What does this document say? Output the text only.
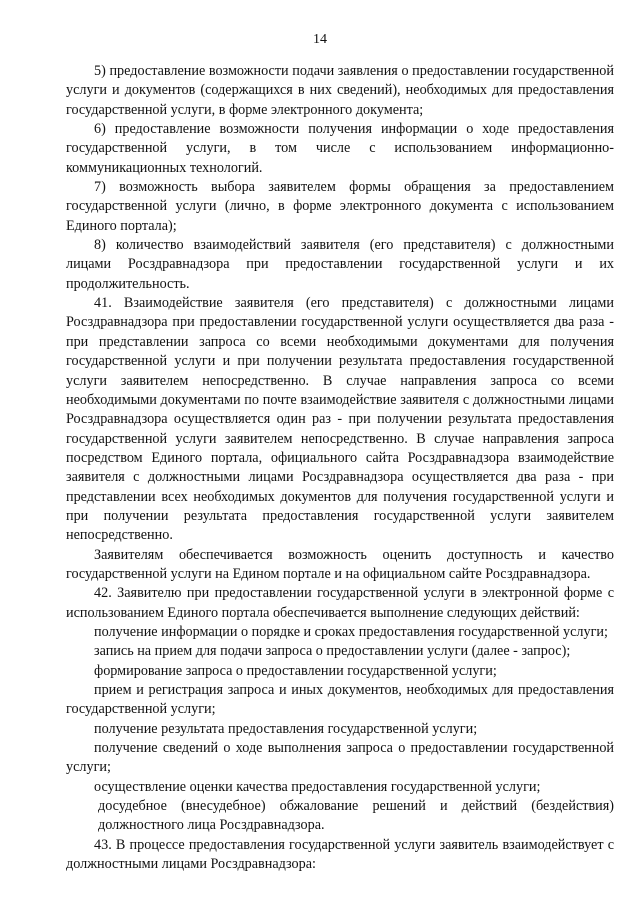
14

5) предоставление возможности подачи заявления о предоставлении государственной услуги и документов (содержащихся в них сведений), необходимых для предоставления государственной услуги, в форме электронного документа;

6) предоставление возможности получения информации о ходе предоставления государственной услуги, в том числе с использованием информационно-коммуникационных технологий.

7) возможность выбора заявителем формы обращения за предоставлением государственной услуги (лично, в форме электронного документа с использованием Единого портала);

8) количество взаимодействий заявителя (его представителя) с должностными лицами Росздравнадзора при предоставлении государственной услуги и их продолжительность.

41. Взаимодействие заявителя (его представителя) с должностными лицами Росздравнадзора при предоставлении государственной услуги осуществляется два раза - при представлении запроса со всеми необходимыми документами для получения государственной услуги и при получении результата предоставления государственной услуги заявителем непосредственно. В случае направления запроса со всеми необходимыми документами по почте взаимодействие заявителя с должностными лицами Росздравнадзора осуществляется один раз - при получении результата предоставления государственной услуги заявителем непосредственно. В случае направления запроса посредством Единого портала, официального сайта Росздравнадзора взаимодействие заявителя с должностными лицами Росздравнадзора осуществляется два раза - при представлении всех необходимых документов для получения государственной услуги и при получении результата предоставления государственной услуги заявителем непосредственно.

Заявителям обеспечивается возможность оценить доступность и качество государственной услуги на Едином портале и на официальном сайте Росздравнадзора.

42. Заявителю при предоставлении государственной услуги в электронной форме с использованием Единого портала обеспечивается выполнение следующих действий:

получение информации о порядке и сроках предоставления государственной услуги;

запись на прием для подачи запроса о предоставлении услуги (далее - запрос);

формирование запроса о предоставлении государственной услуги;

прием и регистрация запроса и иных документов, необходимых для предоставления государственной услуги;

получение результата предоставления государственной услуги;

получение сведений о ходе выполнения запроса о предоставлении государственной услуги;

осуществление оценки качества предоставления государственной услуги;

досудебное (внесудебное) обжалование решений и действий (бездействия) должностного лица Росздравнадзора.

43. В процессе предоставления государственной услуги заявитель взаимодействует с должностными лицами Росздравнадзора:
